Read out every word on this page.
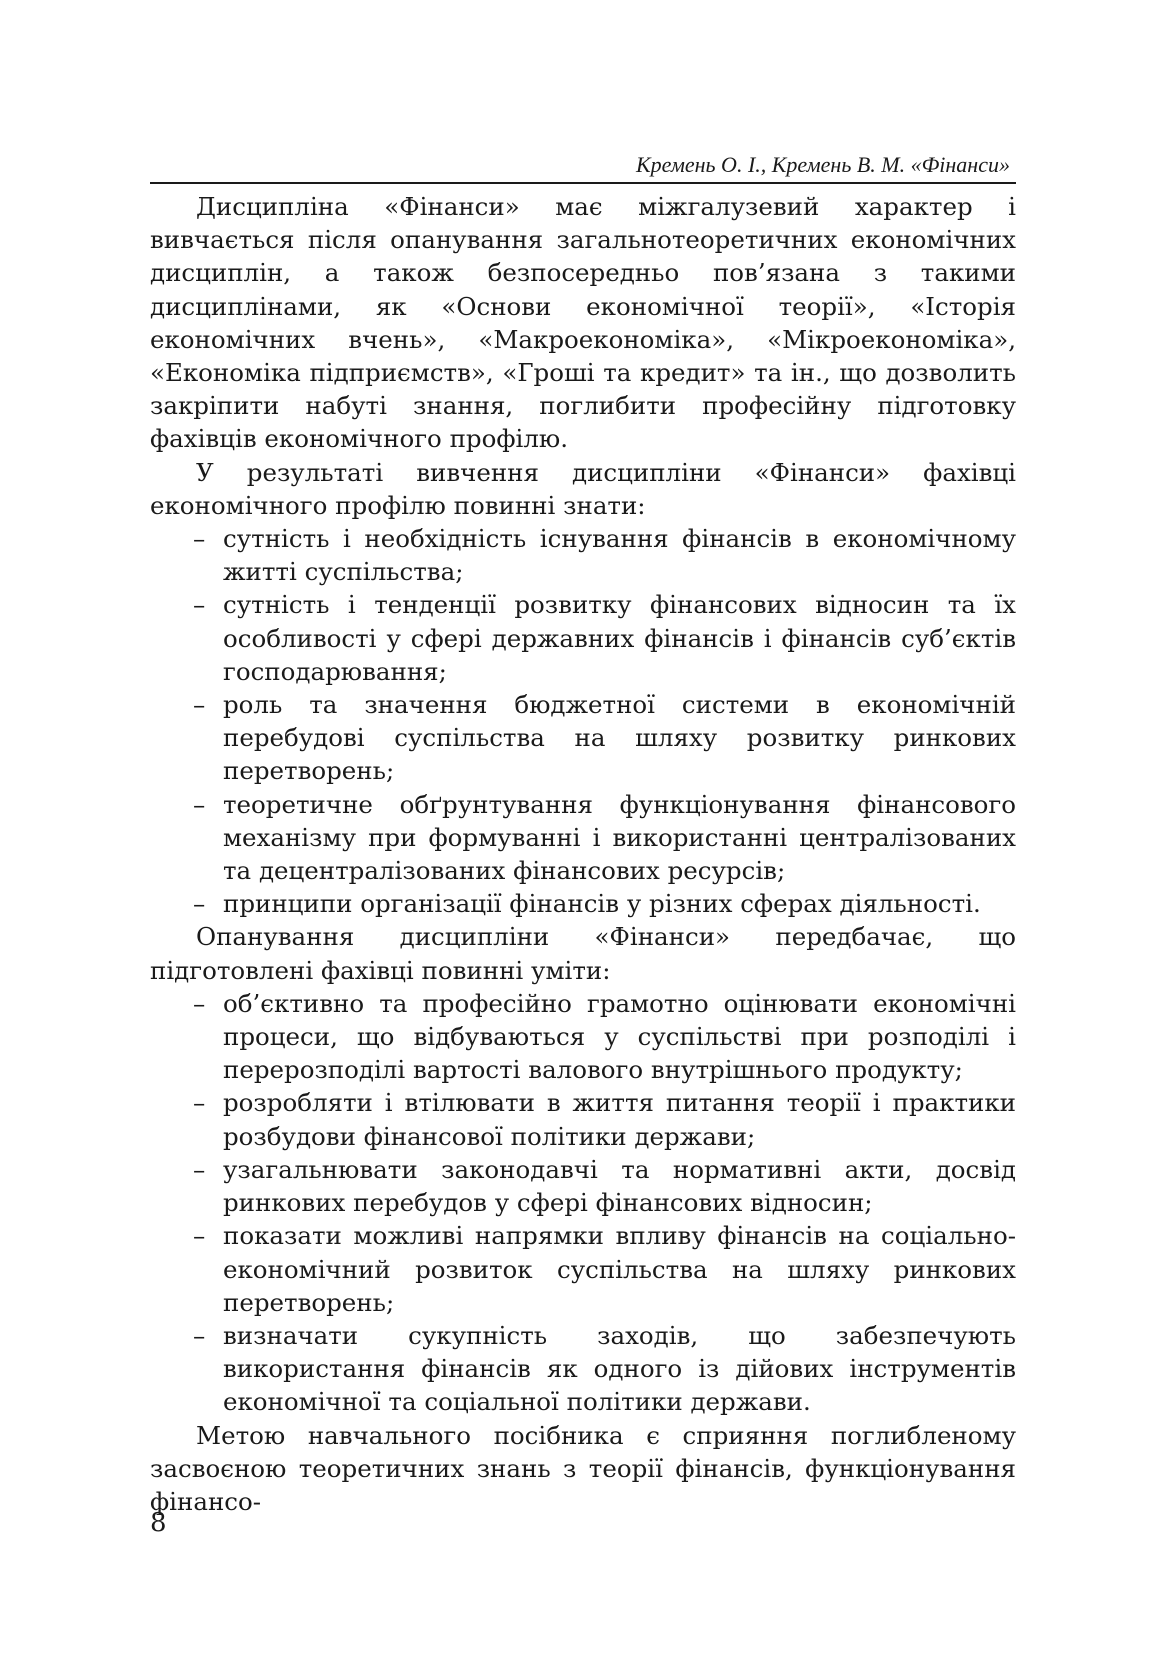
Кремень О. І., Кремень В. М. «Фінанси»

Дисципліна «Фінанси» має міжгалузевий характер і вивчається після опанування загальнотеоретичних економічних дисциплін, а також безпосередньо пов’язана з такими дисциплінами, як «Основи економічної теорії», «Історія економічних вчень», «Макроекономіка», «Мікроекономіка», «Економіка підприємств», «Гроші та кредит» та ін., що дозволить закріпити набуті знання, поглибити професійну підготовку фахівців економічного профілю.

У результаті вивчення дисципліни «Фінанси» фахівці економічного профілю повинні знати:

– сутність і необхідність існування фінансів в економічному житті суспільства;
– сутність і тенденції розвитку фінансових відносин та їх особливості у сфері державних фінансів і фінансів суб’єктів господарювання;
– роль та значення бюджетної системи в економічній перебудові суспільства на шляху розвитку ринкових перетворень;
– теоретичне обґрунтування функціонування фінансового механізму при формуванні і використанні централізованих та децентралізованих фінансових ресурсів;
– принципи організації фінансів у різних сферах діяльності.

Опанування дисципліни «Фінанси» передбачає, що підготовлені фахівці повинні уміти:

– об’єктивно та професійно грамотно оцінювати економічні процеси, що відбуваються у суспільстві при розподілі і перерозподілі вартості валового внутрішнього продукту;
– розробляти і втілювати в життя питання теорії і практики розбудови фінансової політики держави;
– узагальнювати законодавчі та нормативні акти, досвід ринкових перебудов у сфері фінансових відносин;
– показати можливі напрямки впливу фінансів на соціально-економічний розвиток суспільства на шляху ринкових перетворень;
– визначати сукупність заходів, що забезпечують використання фінансів як одного із дійових інструментів економічної та соціальної політики держави.

Метою навчального посібника є сприяння поглибленому засвоєною теоретичних знань з теорії фінансів, функціонування фінансо-

8
